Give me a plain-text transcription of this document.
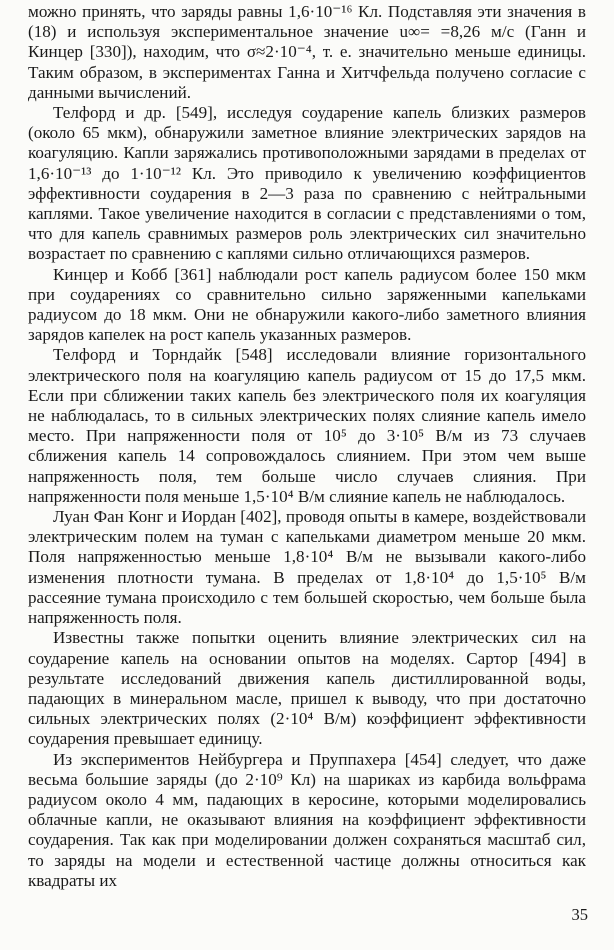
можно принять, что заряды равны 1,6·10⁻¹⁶ Кл. Подставляя эти значения в (18) и используя экспериментальное значение u∞= =8,26 м/с (Ганн и Кинцер [330]), находим, что σ≈2·10⁻⁴, т. е. значительно меньше единицы. Таким образом, в экспериментах Ганна и Хитчфельда получено согласие с данными вычислений.

Телфорд и др. [549], исследуя соударение капель близких размеров (около 65 мкм), обнаружили заметное влияние электрических зарядов на коагуляцию. Капли заряжались противоположными зарядами в пределах от 1,6·10⁻¹³ до 1·10⁻¹² Кл. Это приводило к увеличению коэффициентов эффективности соударения в 2—3 раза по сравнению с нейтральными каплями. Такое увеличение находится в согласии с представлениями о том, что для капель сравнимых размеров роль электрических сил значительно возрастает по сравнению с каплями сильно отличающихся размеров.

Кинцер и Кобб [361] наблюдали рост капель радиусом более 150 мкм при соударениях со сравнительно сильно заряженными капельками радиусом до 18 мкм. Они не обнаружили какого-либо заметного влияния зарядов капелек на рост капель указанных размеров.

Телфорд и Торндайк [548] исследовали влияние горизонтального электрического поля на коагуляцию капель радиусом от 15 до 17,5 мкм. Если при сближении таких капель без электрического поля их коагуляция не наблюдалась, то в сильных электрических полях слияние капель имело место. При напряженности поля от 10⁵ до 3·10⁵ В/м из 73 случаев сближения капель 14 сопровождалось слиянием. При этом чем выше напряженность поля, тем больше число случаев слияния. При напряженности поля меньше 1,5·10⁴ В/м слияние капель не наблюдалось.

Луан Фан Конг и Иордан [402], проводя опыты в камере, воздействовали электрическим полем на туман с капельками диаметром меньше 20 мкм. Поля напряженностью меньше 1,8·10⁴ В/м не вызывали какого-либо изменения плотности тумана. В пределах от 1,8·10⁴ до 1,5·10⁵ В/м рассеяние тумана происходило с тем большей скоростью, чем больше была напряженность поля.

Известны также попытки оценить влияние электрических сил на соударение капель на основании опытов на моделях. Сартор [494] в результате исследований движения капель дистиллированной воды, падающих в минеральном масле, пришел к выводу, что при достаточно сильных электрических полях (2·10⁴ В/м) коэффициент эффективности соударения превышает единицу.

Из экспериментов Нейбургера и Пруппахера [454] следует, что даже весьма большие заряды (до 2·10⁹ Кл) на шариках из карбида вольфрама радиусом около 4 мм, падающих в керосине, которыми моделировались облачные капли, не оказывают влияния на коэффициент эффективности соударения. Так как при моделировании должен сохраняться масштаб сил, то заряды на модели и естественной частице должны относиться как квадраты их

35
